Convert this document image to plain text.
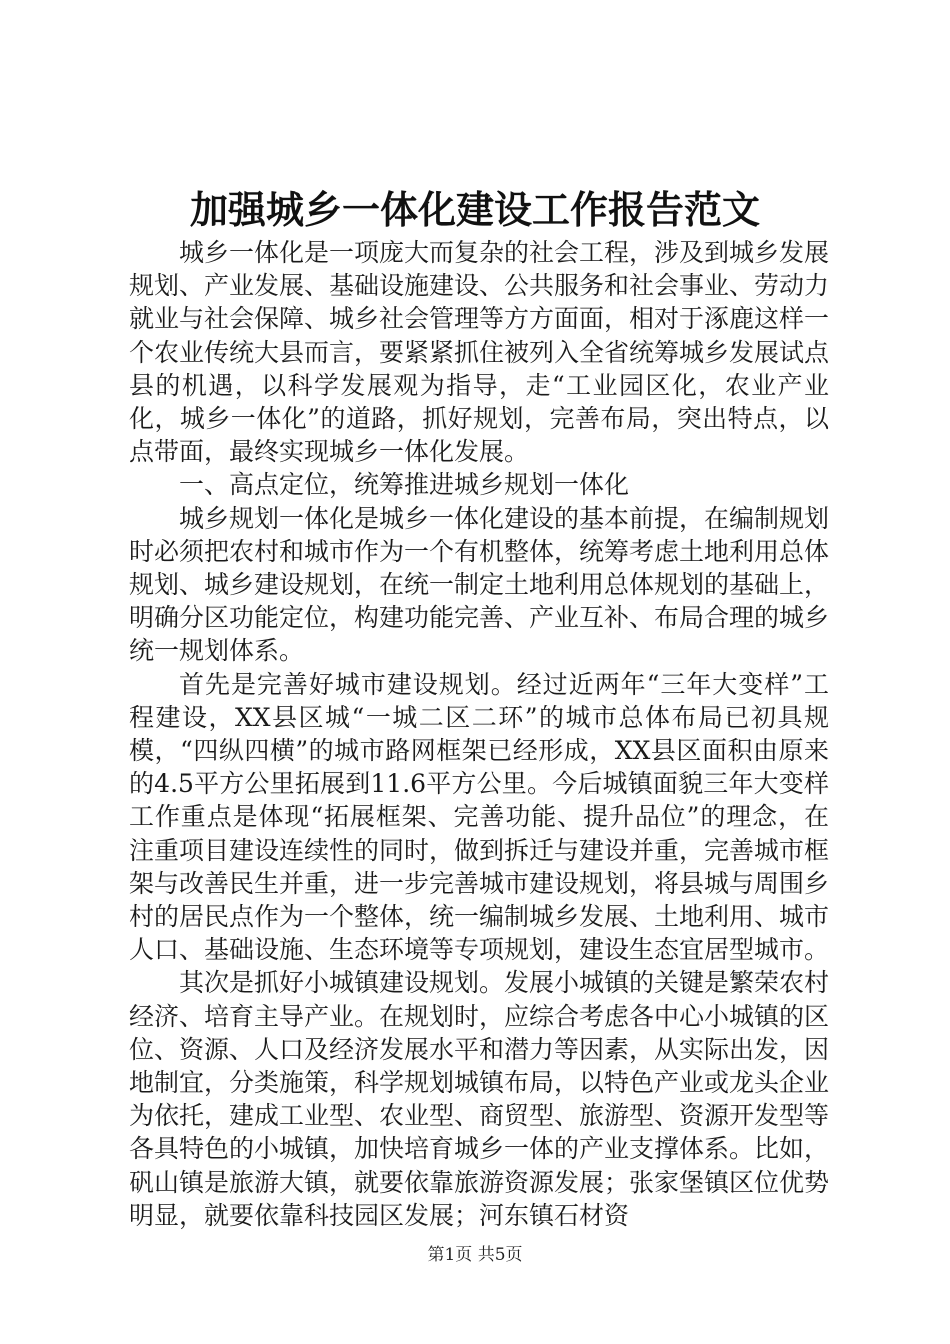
加强城乡一体化建设工作报告范文

城乡一体化是一项庞大而复杂的社会工程，涉及到城乡发展规划、产业发展、基础设施建设、公共服务和社会事业、劳动力就业与社会保障、城乡社会管理等方方面面，相对于涿鹿这样一个农业传统大县而言，要紧紧抓住被列入全省统筹城乡发展试点县的机遇，以科学发展观为指导，走“工业园区化，农业产业化，城乡一体化”的道路，抓好规划，完善布局，突出特点，以点带面，最终实现城乡一体化发展。

一、高点定位，统筹推进城乡规划一体化

城乡规划一体化是城乡一体化建设的基本前提，在编制规划时必须把农村和城市作为一个有机整体，统筹考虑土地利用总体规划、城乡建设规划，在统一制定土地利用总体规划的基础上，明确分区功能定位，构建功能完善、产业互补、布局合理的城乡统一规划体系。

首先是完善好城市建设规划。经过近两年“三年大变样”工程建设，XX县区城“一城二区二环”的城市总体布局已初具规模，“四纵四横”的城市路网框架已经形成，XX县区面积由原来的4.5平方公里拓展到11.6平方公里。今后城镇面貌三年大变样工作重点是体现“拓展框架、完善功能、提升品位”的理念，在注重项目建设连续性的同时，做到拆迁与建设并重，完善城市框架与改善民生并重，进一步完善城市建设规划，将县城与周围乡村的居民点作为一个整体，统一编制城乡发展、土地利用、城市人口、基础设施、生态环境等专项规划，建设生态宜居型城市。

其次是抓好小城镇建设规划。发展小城镇的关键是繁荣农村经济、培育主导产业。在规划时，应综合考虑各中心小城镇的区位、资源、人口及经济发展水平和潜力等因素，从实际出发，因地制宜，分类施策，科学规划城镇布局，以特色产业或龙头企业为依托，建成工业型、农业型、商贸型、旅游型、资源开发型等各具特色的小城镇，加快培育城乡一体的产业支撑体系。比如，矾山镇是旅游大镇，就要依靠旅游资源发展；张家堡镇区位优势明显，就要依靠科技园区发展；河东镇石材资

第1页 共5页
